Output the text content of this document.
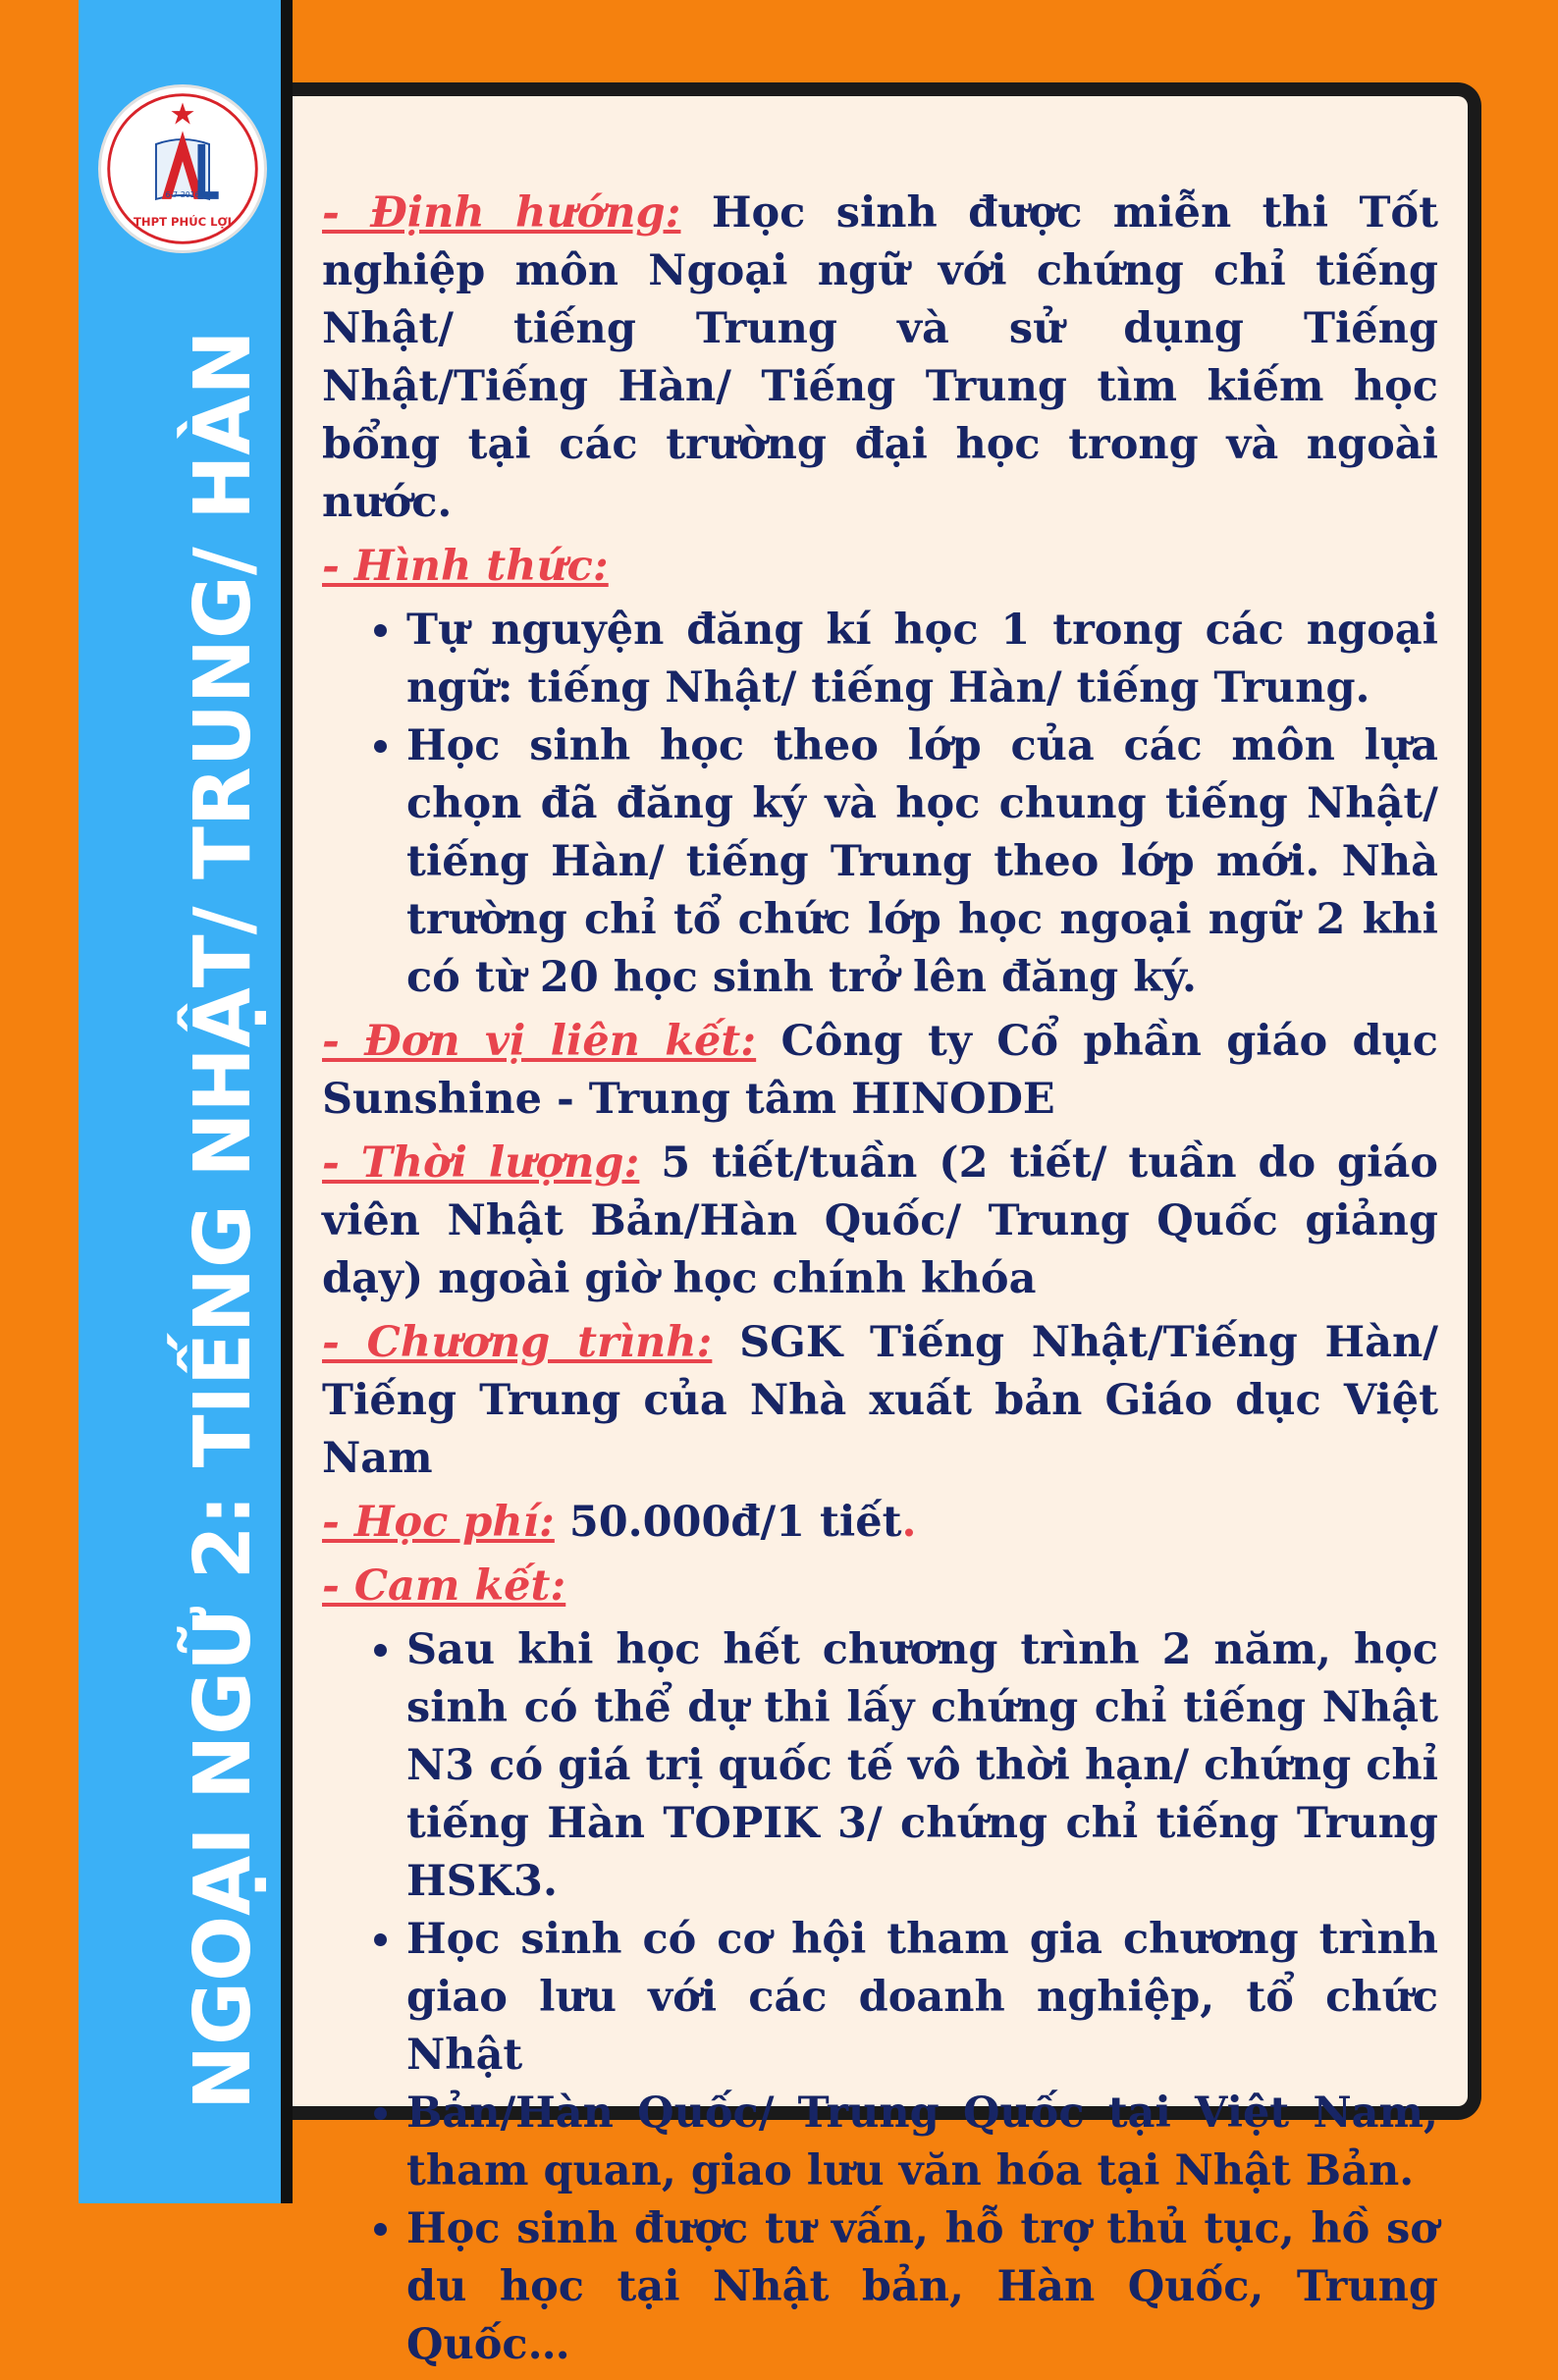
6-7-2016
THPT PHÚC LỢI
NGOẠI NGỮ 2: TIẾNG NHẬT/ TRUNG/ HÀN

- Định hướng: Học sinh được miễn thi Tốt nghiệp môn Ngoại ngữ với chứng chỉ tiếng Nhật/ tiếng Trung và sử dụng Tiếng Nhật/Tiếng Hàn/ Tiếng Trung tìm kiếm học bổng tại các trường đại học trong và ngoài nước.

- Hình thức:

• Tự nguyện đăng kí học 1 trong các ngoại ngữ: tiếng Nhật/ tiếng Hàn/ tiếng Trung.
• Học sinh học theo lớp của các môn lựa chọn đã đăng ký và học chung tiếng Nhật/ tiếng Hàn/ tiếng Trung theo lớp mới. Nhà trường chỉ tổ chức lớp học ngoại ngữ 2 khi có từ 20 học sinh trở lên đăng ký.

- Đơn vị liên kết: Công ty Cổ phần giáo dục Sunshine - Trung tâm HINODE

- Thời lượng: 5 tiết/tuần (2 tiết/ tuần do giáo viên Nhật Bản/Hàn Quốc/ Trung Quốc giảng dạy) ngoài giờ học chính khóa

- Chương trình: SGK Tiếng Nhật/Tiếng Hàn/ Tiếng Trung của Nhà xuất bản Giáo dục Việt Nam

- Học phí: 50.000đ/1 tiết.

- Cam kết:

• Sau khi học hết chương trình 2 năm, học sinh có thể dự thi lấy chứng chỉ tiếng Nhật N3 có giá trị quốc tế vô thời hạn/ chứng chỉ tiếng Hàn TOPIK 3/ chứng chỉ tiếng Trung HSK3.
• Học sinh có cơ hội tham gia chương trình giao lưu với các doanh nghiệp, tổ chức Nhật
• Bản/Hàn Quốc/ Trung Quốc tại Việt Nam, tham quan, giao lưu văn hóa tại Nhật Bản.
• Học sinh được tư vấn, hỗ trợ thủ tục, hồ sơ du học tại Nhật bản, Hàn Quốc, Trung Quốc…
